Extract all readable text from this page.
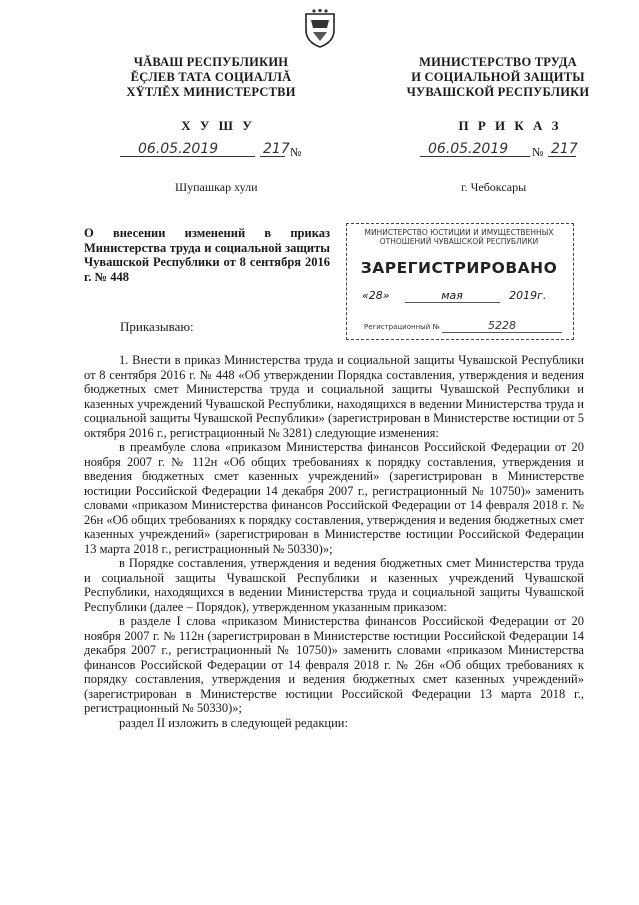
ЧĂВАШ РЕСПУБЛИКИН
ĔÇЛЕВ ТАТА СОЦИАЛЛĂ
ХŸТЛĔХ МИНИСТЕРСТВИ
МИНИСТЕРСТВО ТРУДА
И СОЦИАЛЬНОЙ ЗАЩИТЫ
ЧУВАШСКОЙ РЕСПУБЛИКИ
Х У Ш У	П Р И К А З
06.05.2019	217 №	06.05.2019 № 217
Шупашкар хули	г. Чебоксары
О внесении изменений в приказ Министерства труда и социальной защиты Чувашской Республики от 8 сентября 2016 г. № 448
МИНИСТЕРСТВО ЮСТИЦИИ И ИМУЩЕСТВЕННЫХ
ОТНОШЕНИЙ ЧУВАШСКОЙ РЕСПУБЛИКИ
ЗАРЕГИСТРИРОВАНО
«28»	мая	2019г.
Регистрационный №	5228
Приказываю:

1. Внести в приказ Министерства труда и социальной защиты Чувашской Республики от 8 сентября 2016 г. № 448 «Об утверждении Порядка составления, утверждения и ведения бюджетных смет Министерства труда и социальной защиты Чувашской Республики и казенных учреждений Чувашской Республики, находящихся в ведении Министерства труда и социальной защиты Чувашской Республики» (зарегистрирован в Министерстве юстиции от 5 октября 2016 г., регистрационный № 3281) следующие изменения:

в преамбуле слова «приказом Министерства финансов Российской Федерации от 20 ноября 2007 г. № 112н «Об общих требованиях к порядку составления, утверждения и введения бюджетных смет казенных учреждений» (зарегистрирован в Министерстве юстиции Российской Федерации 14 декабря 2007 г., регистрационный № 10750)» заменить словами «приказом Министерства финансов Российской Федерации от 14 февраля 2018 г. № 26н «Об общих требованиях к порядку составления, утверждения и ведения бюджетных смет казенных учреждений» (зарегистрирован в Министерстве юстиции Российской Федерации 13 марта 2018 г., регистрационный № 50330)»;

в Порядке составления, утверждения и ведения бюджетных смет Министерства труда и социальной защиты Чувашской Республики и казенных учреждений Чувашской Республики, находящихся в ведении Министерства труда и социальной защиты Чувашской Республики (далее – Порядок), утвержденном указанным приказом:

в разделе I слова «приказом Министерства финансов Российской Федерации от 20 ноября 2007 г. № 112н (зарегистрирован в Министерстве юстиции Российской Федерации 14 декабря 2007 г., регистрационный № 10750)» заменить словами «приказом Министерства финансов Российской Федерации от 14 февраля 2018 г. № 26н «Об общих требованиях к порядку составления, утверждения и ведения бюджетных смет казенных учреждений» (зарегистрирован в Министерстве юстиции Российской Федерации 13 марта 2018 г., регистрационный № 50330)»;

раздел II изложить в следующей редакции:
